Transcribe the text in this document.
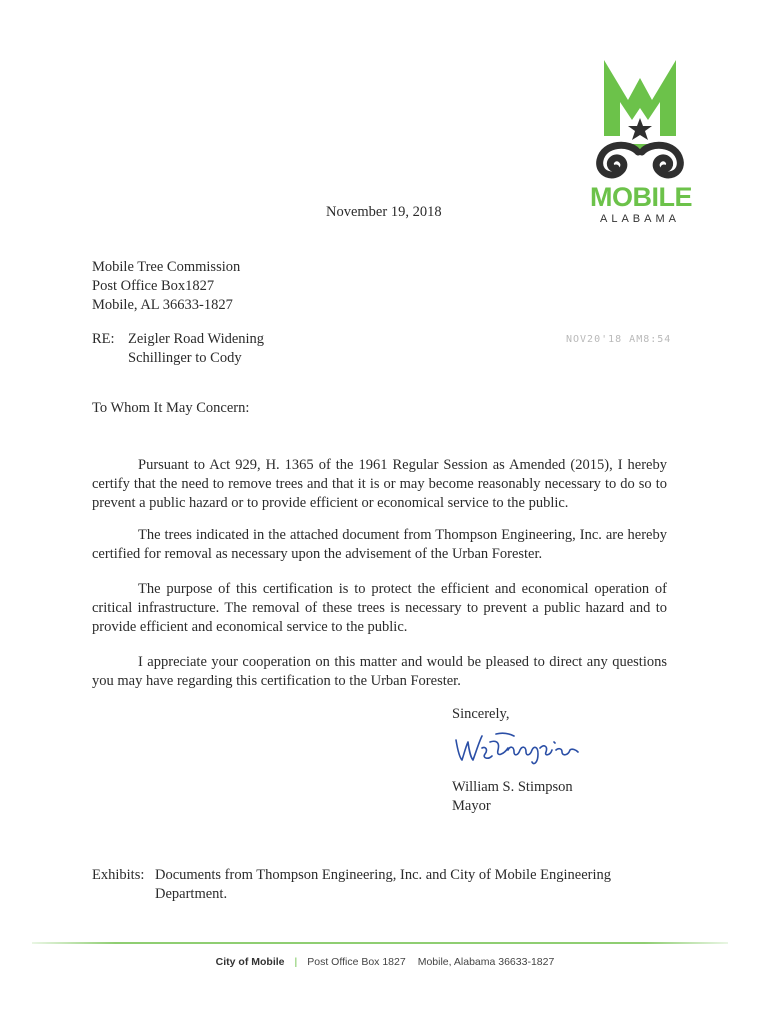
MOBILE
ALABAMA
November 19, 2018
Mobile Tree Commission
Post Office Box1827
Mobile, AL 36633-1827
RE: Zeigler Road Widening
Schillinger to Cody
NOV20'18 AM8:54
To Whom It May Concern:
Pursuant to Act 929, H. 1365 of the 1961 Regular Session as Amended (2015), I hereby certify that the need to remove trees and that it is or may become reasonably necessary to do so to prevent a public hazard or to provide efficient or economical service to the public.
The trees indicated in the attached document from Thompson Engineering, Inc. are hereby certified for removal as necessary upon the advisement of the Urban Forester.
The purpose of this certification is to protect the efficient and economical operation of critical infrastructure. The removal of these trees is necessary to prevent a public hazard and to provide efficient and economical service to the public.
I appreciate your cooperation on this matter and would be pleased to direct any questions you may have regarding this certification to the Urban Forester.
Sincerely,
William S. Stimpson
Mayor
Exhibits: Documents from Thompson Engineering, Inc. and City of Mobile Engineering Department.
City of Mobile | Post Office Box 1827 Mobile, Alabama 36633-1827
